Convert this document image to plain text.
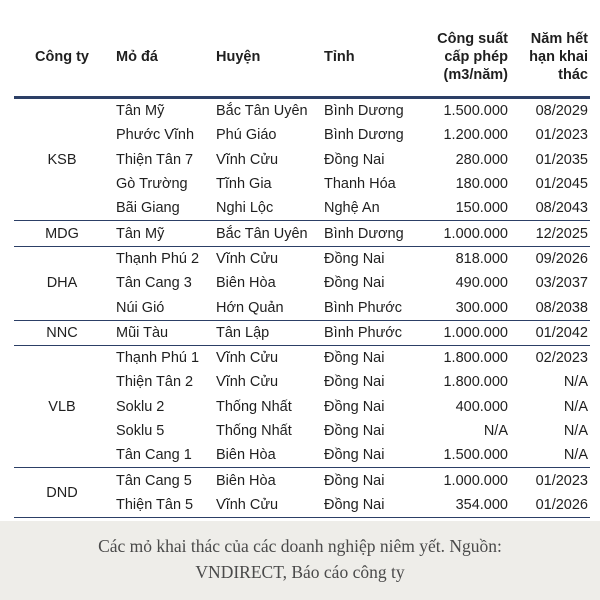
Công ty	Mỏ đá	Huyện	Tỉnh	Công suất
cấp phép
(m3/năm)	Năm hết
hạn khai
thác

KSB	Tân Mỹ	Bắc Tân Uyên	Bình Dương	1.500.000	08/2029
	Phước Vĩnh	Phú Giáo	Bình Dương	1.200.000	01/2023
	Thiện Tân 7	Vĩnh Cửu	Đồng Nai	280.000	01/2035
	Gò Trường	Tĩnh Gia	Thanh Hóa	180.000	01/2045
	Bãi Giang	Nghi Lộc	Nghệ An	150.000	08/2043
MDG	Tân Mỹ	Bắc Tân Uyên	Bình Dương	1.000.000	12/2025
DHA	Thạnh Phú 2	Vĩnh Cửu	Đồng Nai	818.000	09/2026
	Tân Cang 3	Biên Hòa	Đồng Nai	490.000	03/2037
	Núi Gió	Hớn Quản	Bình Phước	300.000	08/2038
NNC	Mũi Tàu	Tân Lập	Bình Phước	1.000.000	01/2042
VLB	Thạnh Phú 1	Vĩnh Cửu	Đồng Nai	1.800.000	02/2023
	Thiện Tân 2	Vĩnh Cửu	Đồng Nai	1.800.000	N/A
	Soklu 2	Thống Nhất	Đồng Nai	400.000	N/A
	Soklu 5	Thống Nhất	Đồng Nai	N/A	N/A
	Tân Cang 1	Biên Hòa	Đồng Nai	1.500.000	N/A
DND	Tân Cang 5	Biên Hòa	Đồng Nai	1.000.000	01/2023
	Thiện Tân 5	Vĩnh Cửu	Đồng Nai	354.000	01/2026
Các mỏ khai thác của các doanh nghiệp niêm yết. Nguồn:
VNDIRECT, Báo cáo công ty
